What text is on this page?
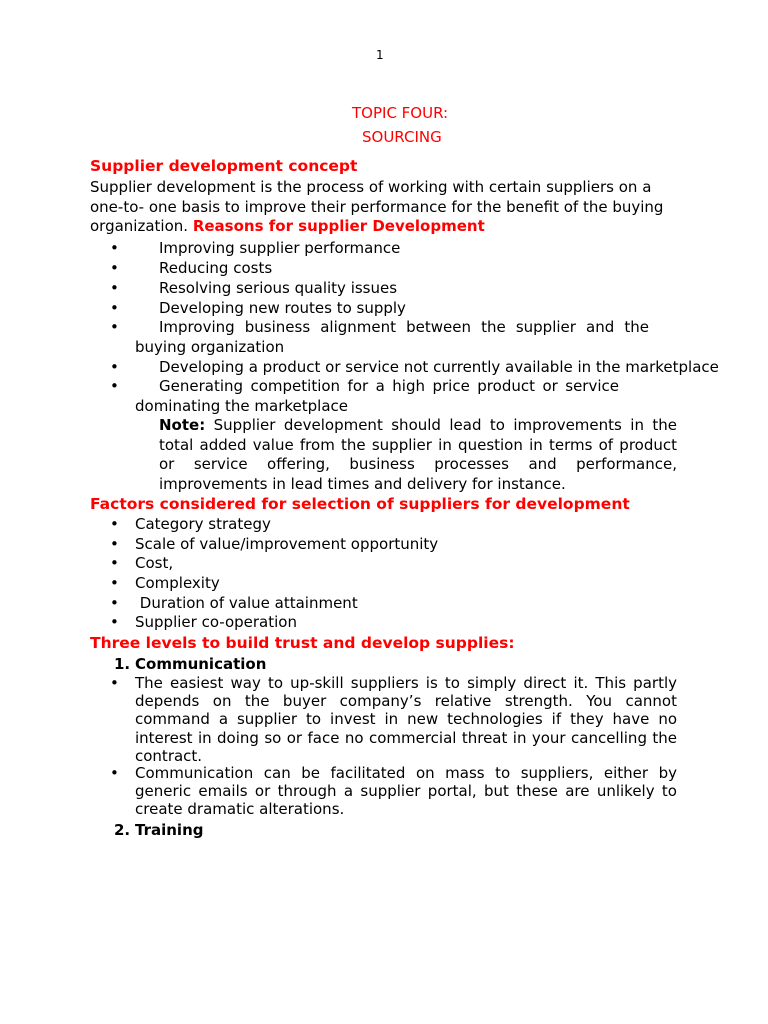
1
TOPIC FOUR:
SOURCING
Supplier development concept
Supplier development is the process of working with certain suppliers on a
one-to- one basis to improve their performance for the benefit of the buying
organization. Reasons for supplier Development
•	Improving supplier performance
•	Reducing costs
•	Resolving serious quality issues
•	Developing new routes to supply
•	Improving business alignment between the supplier and the
buying organization
•	Developing a product or service not currently available in the marketplace
•	Generating competition for a high price product or service
dominating the marketplace
Note: Supplier development should lead to improvements in the
total added value from the supplier in question in terms of product
or service offering, business processes and performance,
improvements in lead times and delivery for instance.
Factors considered for selection of suppliers for development
• Category strategy
• Scale of value/improvement opportunity
• Cost,
• Complexity
• Duration of value attainment
• Supplier co-operation
Three levels to build trust and develop supplies:
1. Communication
• The easiest way to up-skill suppliers is to simply direct it. This partly
depends on the buyer company’s relative strength. You cannot
command a supplier to invest in new technologies if they have no
interest in doing so or face no commercial threat in your cancelling the
contract.
• Communication can be facilitated on mass to suppliers, either by
generic emails or through a supplier portal, but these are unlikely to
create dramatic alterations.
2. Training
